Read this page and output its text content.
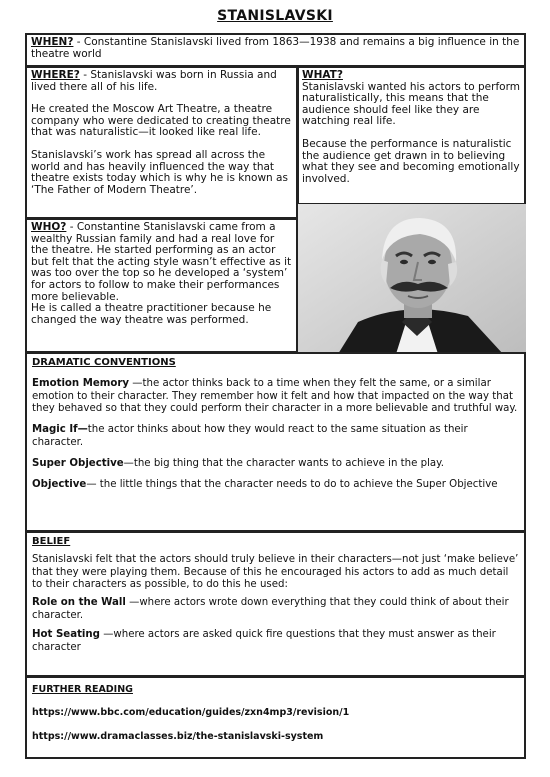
STANISLAVSKI

WHEN? - Constantine Stanislavski lived from 1863—1938 and remains a big influence in the theatre world

WHERE? - Stanislavski was born in Russia and lived there all of his life.

He created the Moscow Art Theatre, a theatre company who were dedicated to creating theatre that was naturalistic—it looked like real life.

Stanislavski’s work has spread all across the world and has heavily influenced the way that theatre exists today which is why he is known as ‘The Father of Modern Theatre’.

WHAT?

Stanislavski wanted his actors to perform naturalistically, this means that the audience should feel like they are watching real life.

Because the performance is naturalistic the audience get drawn in to believing what they see and becoming emotionally involved.

WHO? - Constantine Stanislavski came from a wealthy Russian family and had a real love for the theatre. He started performing as an actor but felt that the acting style wasn’t effective as it was too over the top so he developed a ‘system’ for actors to follow to make their performances more believable.

He is called a theatre practitioner because he changed the way theatre was performed.

DRAMATIC CONVENTIONS

Emotion Memory —the actor thinks back to a time when they felt the same, or a similar emotion to their character. They remember how it felt and how that impacted on the way that they behaved so that they could perform their character in a more believable and truthful way.

Magic If—the actor thinks about how they would react to the same situation as their character.

Super Objective—the big thing that the character wants to achieve in the play.

Objective— the little things that the character needs to do to achieve the Super Objective

BELIEF

Stanislavski felt that the actors should truly believe in their characters—not just ‘make believe’ that they were playing them. Because of this he encouraged his actors to add as much detail to their characters as possible, to do this he used:

Role on the Wall —where actors wrote down everything that they could think of about their character.

Hot Seating —where actors are asked quick fire questions that they must answer as their character

FURTHER READING

https://www.bbc.com/education/guides/zxn4mp3/revision/1

https://www.dramaclasses.biz/the-stanislavski-system
